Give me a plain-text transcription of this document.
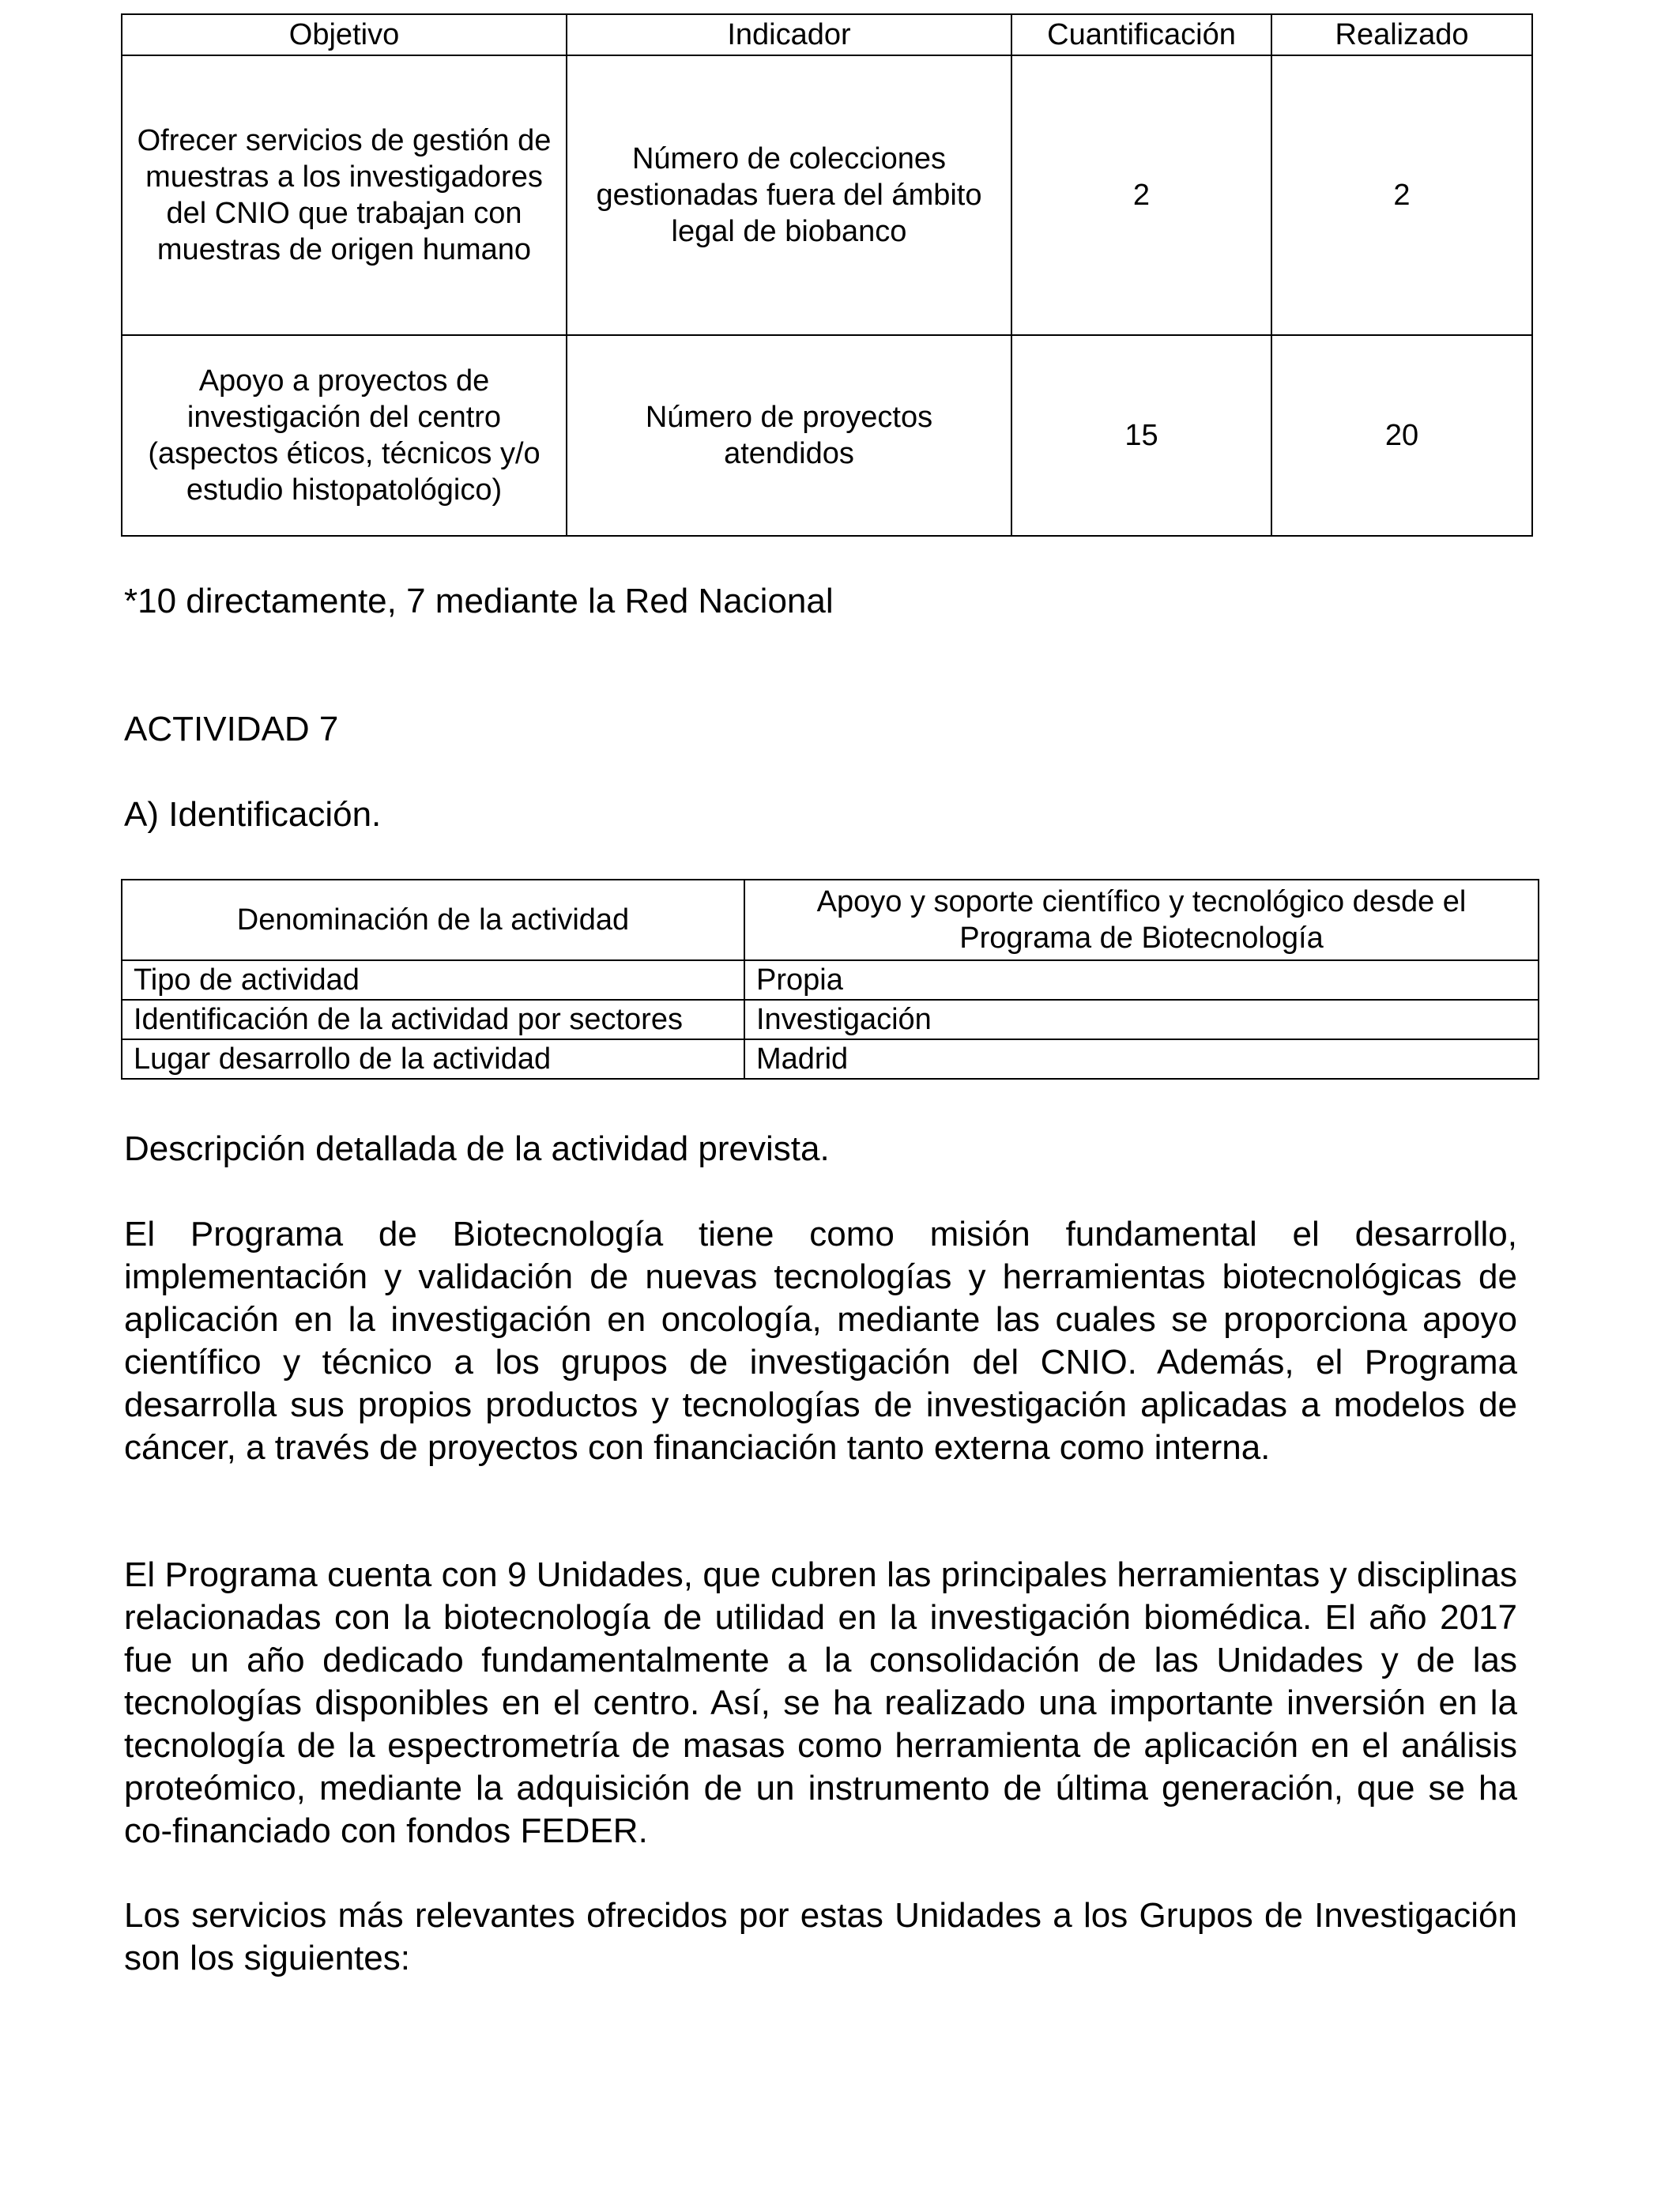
Objetivo	Indicador	Cuantificación	Realizado
Ofrecer servicios de gestión de muestras a los investigadores del CNIO que trabajan con muestras de origen humano	Número de colecciones gestionadas fuera del ámbito legal de biobanco	2	2
Apoyo a proyectos de investigación del centro (aspectos éticos, técnicos y/o estudio histopatológico)	Número de proyectos atendidos	15	20
*10 directamente, 7 mediante la Red Nacional
ACTIVIDAD 7
A) Identificación.
Denominación de la actividad	Apoyo y soporte científico y tecnológico desde el Programa de Biotecnología
Tipo de actividad	Propia
Identificación de la actividad por sectores	Investigación
Lugar desarrollo de la actividad	Madrid
Descripción detallada de la actividad prevista.
El Programa de Biotecnología tiene como misión fundamental el desarrollo, implementación y validación de nuevas tecnologías y herramientas biotecnológicas de aplicación en la investigación en oncología, mediante las cuales se proporciona apoyo científico y técnico a los grupos de investigación del CNIO. Además, el Programa desarrolla sus propios productos y tecnologías de investigación aplicadas a modelos de cáncer, a través de proyectos con financiación tanto externa como interna.
El Programa cuenta con 9 Unidades, que cubren las principales herramientas y disciplinas relacionadas con la biotecnología de utilidad en la investigación biomédica. El año 2017 fue un año dedicado fundamentalmente a la consolidación de las Unidades y de las tecnologías disponibles en el centro. Así, se ha realizado una importante inversión en la tecnología de la espectrometría de masas como herramienta de aplicación en el análisis proteómico, mediante la adquisición de un instrumento de última generación, que se ha co-financiado con fondos FEDER.
Los servicios más relevantes ofrecidos por estas Unidades a los Grupos de Investigación son los siguientes:
